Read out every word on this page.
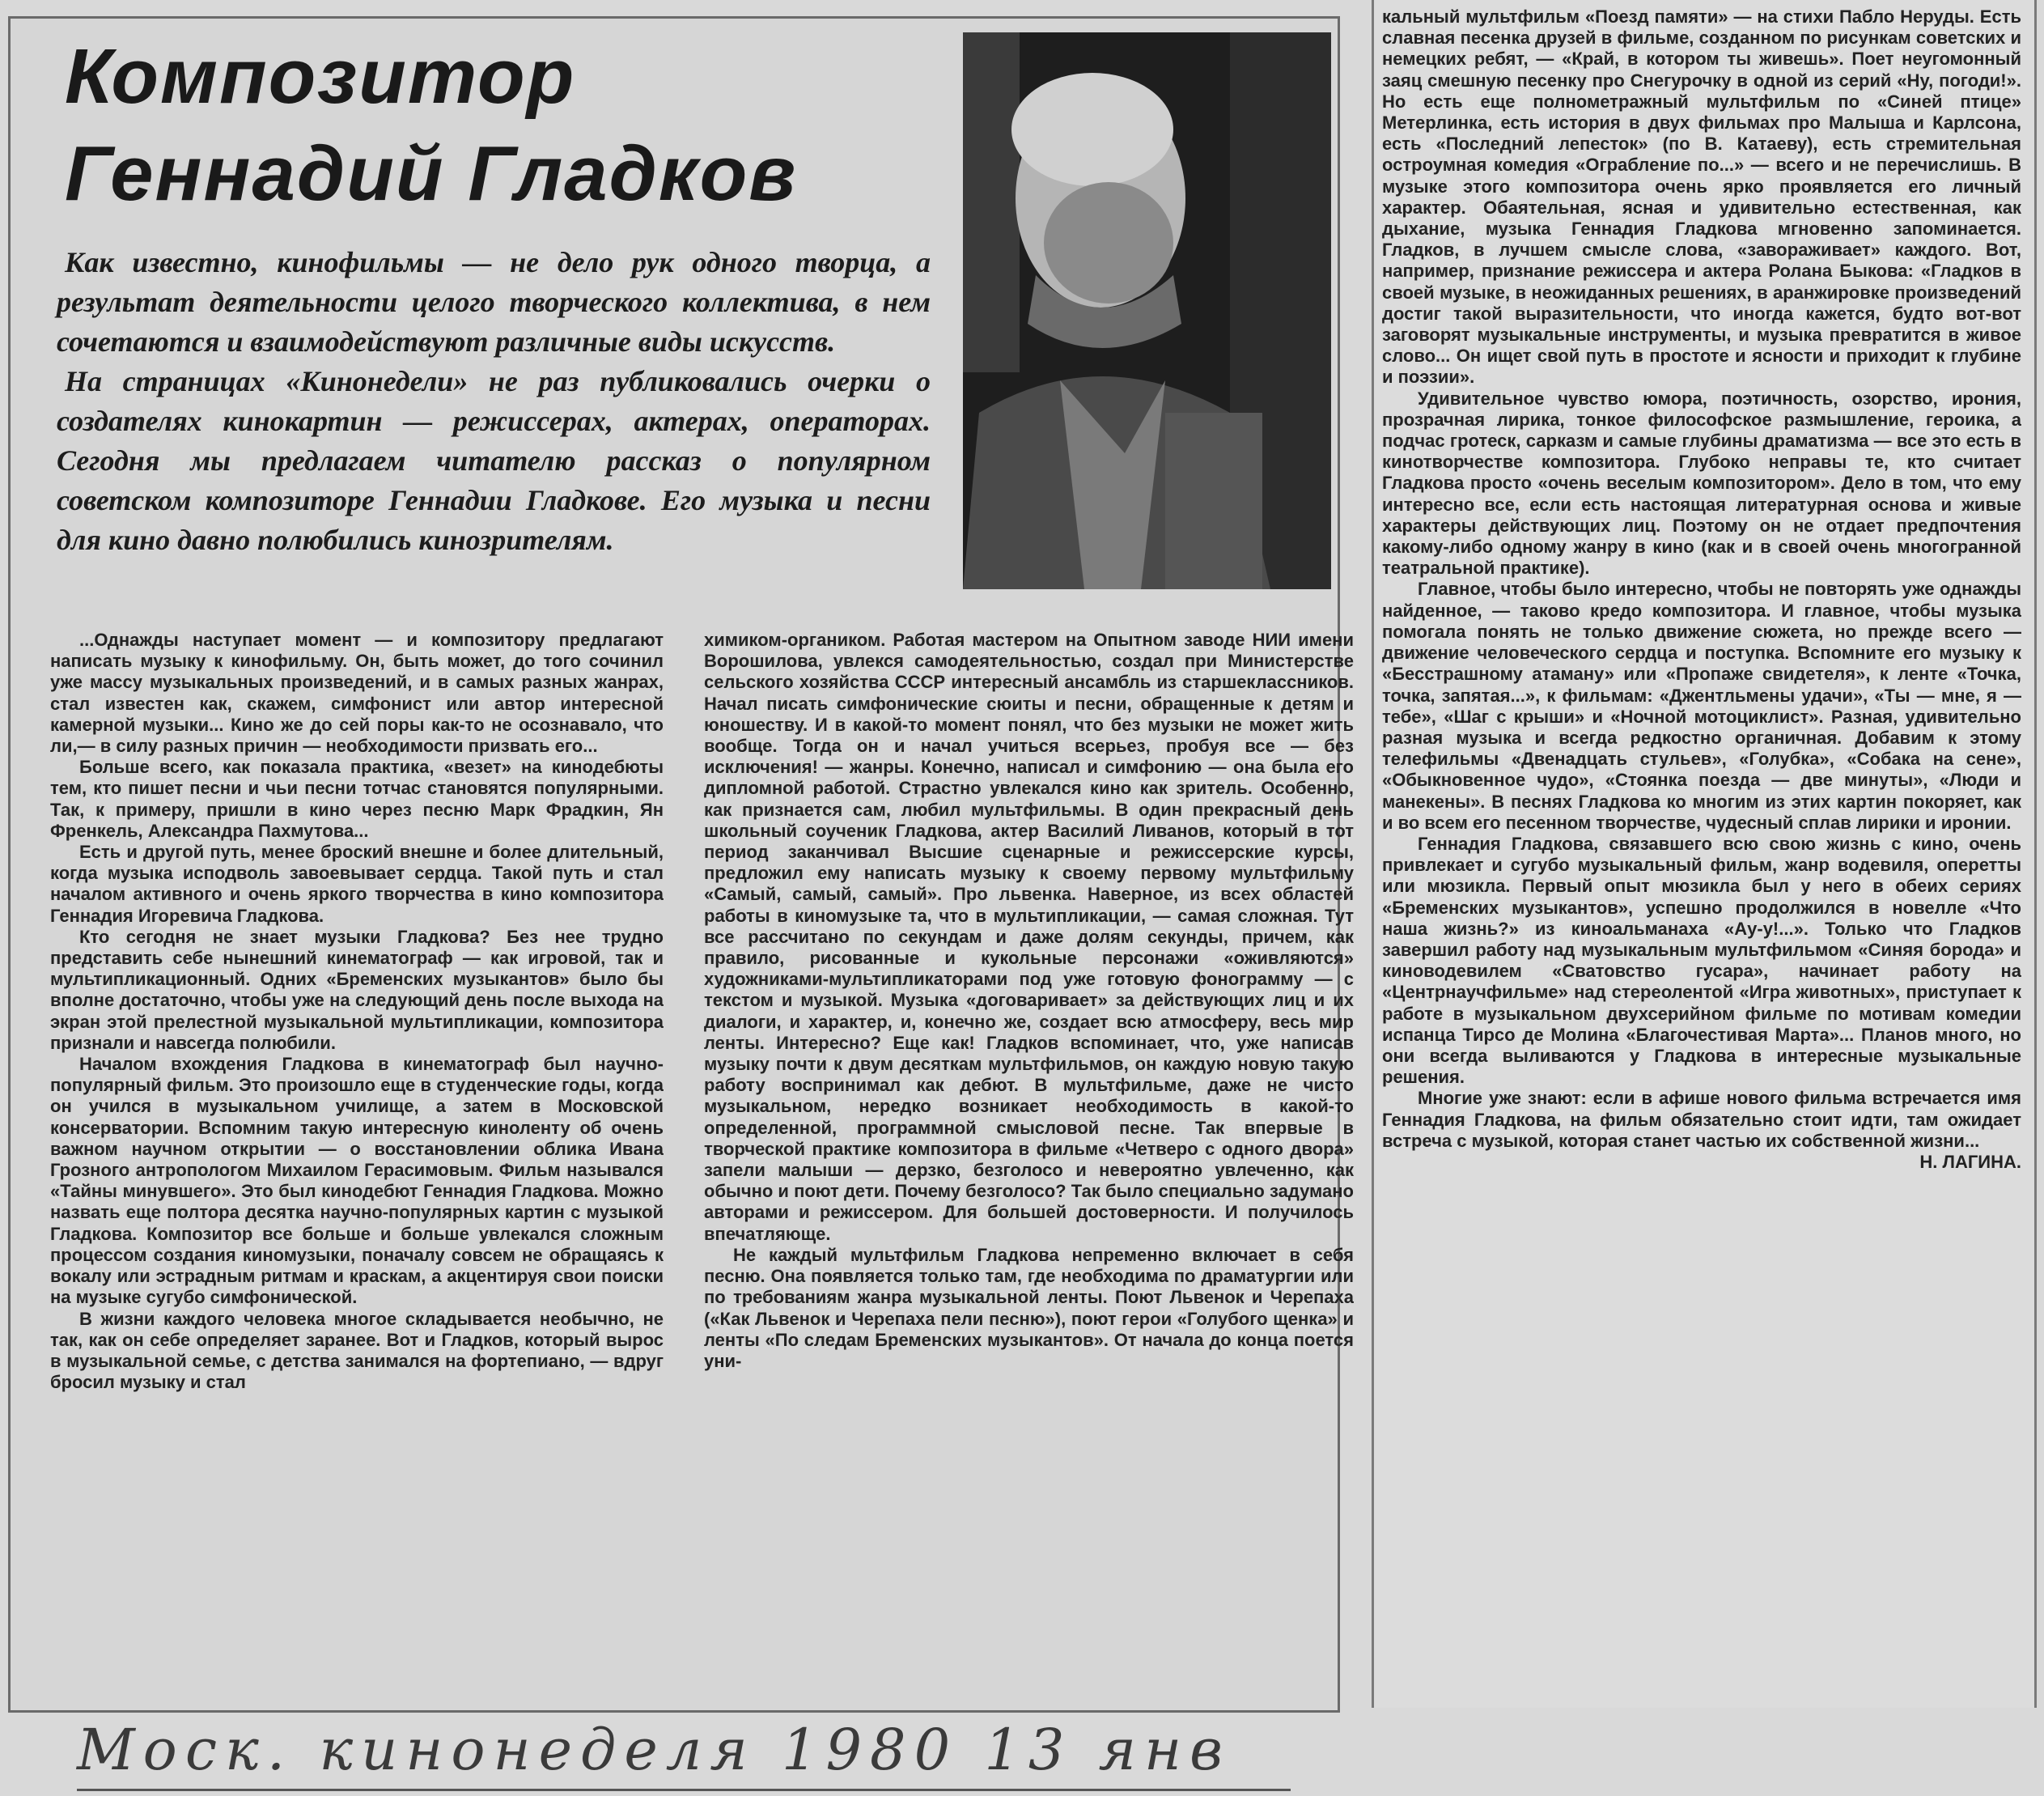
Композитор
Геннадий Гладков

Как известно, кинофильмы — не дело рук одного творца, а результат деятельности целого творческого коллектива, в нем сочетаются и взаимодействуют различные виды искусств.

На страницах «Кинонедели» не раз публиковались очерки о создателях кинокартин — режиссерах, актерах, операторах. Сегодня мы предлагаем читателю рассказ о популярном советском композиторе Геннадии Гладкове. Его музыка и песни для кино давно полюбились кинозрителям.

...Однажды наступает момент — и композитору предлагают написать музыку к кинофильму. Он, быть может, до того сочинил уже массу музыкальных произведений, и в самых разных жанрах, стал известен как, скажем, симфонист или автор интересной камерной музыки... Кино же до сей поры как-то не осознавало, что ли,— в силу разных причин — необходимости призвать его...

Больше всего, как показала практика, «везет» на кинодебюты тем, кто пишет песни и чьи песни тотчас становятся популярными. Так, к примеру, пришли в кино через песню Марк Фрадкин, Ян Френкель, Александра Пахмутова...

Есть и другой путь, менее броский внешне и более длительный, когда музыка исподволь завоевывает сердца. Такой путь и стал началом активного и очень яркого творчества в кино композитора Геннадия Игоревича Гладкова.

Кто сегодня не знает музыки Гладкова? Без нее трудно представить себе нынешний кинематограф — как игровой, так и мультипликационный. Одних «Бременских музыкантов» было бы вполне достаточно, чтобы уже на следующий день после выхода на экран этой прелестной музыкальной мультипликации, композитора признали и навсегда полюбили.

Началом вхождения Гладкова в кинематограф был научно-популярный фильм. Это произошло еще в студенческие годы, когда он учился в музыкальном училище, а затем в Московской консерватории. Вспомним такую интересную киноленту об очень важном научном открытии — о восстановлении облика Ивана Грозного антропологом Михаилом Герасимовым. Фильм назывался «Тайны минувшего». Это был кинодебют Геннадия Гладкова. Можно назвать еще полтора десятка научно-популярных картин с музыкой Гладкова. Композитор все больше и больше увлекался сложным процессом создания киномузыки, поначалу совсем не обращаясь к вокалу или эстрадным ритмам и краскам, а акцентируя свои поиски на музыке сугубо симфонической.

В жизни каждого человека многое складывается необычно, не так, как он себе определяет заранее. Вот и Гладков, который вырос в музыкальной семье, с детства занимался на фортепиано, — вдруг бросил музыку и стал

химиком-органиком. Работая мастером на Опытном заводе НИИ имени Ворошилова, увлекся самодеятельностью, создал при Министерстве сельского хозяйства СССР интересный ансамбль из старшеклассников. Начал писать симфонические сюиты и песни, обращенные к детям и юношеству. И в какой-то момент понял, что без музыки не может жить вообще. Тогда он и начал учиться всерьез, пробуя все — без исключения! — жанры. Конечно, написал и симфонию — она была его дипломной работой. Страстно увлекался кино как зритель. Особенно, как признается сам, любил мультфильмы. В один прекрасный день школьный соученик Гладкова, актер Василий Ливанов, который в тот период заканчивал Высшие сценарные и режиссерские курсы, предложил ему написать музыку к своему первому мультфильму «Самый, самый, самый». Про львенка. Наверное, из всех областей работы в киномузыке та, что в мультипликации, — самая сложная. Тут все рассчитано по секундам и даже долям секунды, причем, как правило, рисованные и кукольные персонажи «оживляются» художниками-мультипликаторами под уже готовую фонограмму — с текстом и музыкой. Музыка «договаривает» за действующих лиц и их диалоги, и характер, и, конечно же, создает всю атмосферу, весь мир ленты. Интересно? Еще как! Гладков вспоминает, что, уже написав музыку почти к двум десяткам мультфильмов, он каждую новую такую работу воспринимал как дебют. В мультфильме, даже не чисто музыкальном, нередко возникает необходимость в какой-то определенной, программной смысловой песне. Так впервые в творческой практике композитора в фильме «Четверо с одного двора» запели малыши — дерзко, безголосо и невероятно увлеченно, как обычно и поют дети. Почему безголосо? Так было специально задумано авторами и режиссером. Для большей достоверности. И получилось впечатляюще.

Не каждый мультфильм Гладкова непременно включает в себя песню. Она появляется только там, где необходима по драматургии или по требованиям жанра музыкальной ленты. Поют Львенок и Черепаха («Как Львенок и Черепаха пели песню»), поют герои «Голубого щенка» и ленты «По следам Бременских музыкантов». От начала до конца поется уни-

кальный мультфильм «Поезд памяти» — на стихи Пабло Неруды. Есть славная песенка друзей в фильме, созданном по рисункам советских и немецких ребят, — «Край, в котором ты живешь». Поет неугомонный заяц смешную песенку про Снегурочку в одной из серий «Ну, погоди!». Но есть еще полнометражный мультфильм по «Синей птице» Метерлинка, есть история в двух фильмах про Малыша и Карлсона, есть «Последний лепесток» (по В. Катаеву), есть стремительная остроумная комедия «Ограбление по...» — всего и не перечислишь. В музыке этого композитора очень ярко проявляется его личный характер. Обаятельная, ясная и удивительно естественная, как дыхание, музыка Геннадия Гладкова мгновенно запоминается. Гладков, в лучшем смысле слова, «завораживает» каждого. Вот, например, признание режиссера и актера Ролана Быкова: «Гладков в своей музыке, в неожиданных решениях, в аранжировке произведений достиг такой выразительности, что иногда кажется, будто вот-вот заговорят музыкальные инструменты, и музыка превратится в живое слово... Он ищет свой путь в простоте и ясности и приходит к глубине и поэзии».

Удивительное чувство юмора, поэтичность, озорство, ирония, прозрачная лирика, тонкое философское размышление, героика, а подчас гротеск, сарказм и самые глубины драматизма — все это есть в кинотворчестве композитора. Глубоко неправы те, кто считает Гладкова просто «очень веселым композитором». Дело в том, что ему интересно все, если есть настоящая литературная основа и живые характеры действующих лиц. Поэтому он не отдает предпочтения какому-либо одному жанру в кино (как и в своей очень многогранной театральной практике).

Главное, чтобы было интересно, чтобы не повторять уже однажды найденное, — таково кредо композитора. И главное, чтобы музыка помогала понять не только движение сюжета, но прежде всего — движение человеческого сердца и поступка. Вспомните его музыку к «Бесстрашному атаману» или «Пропаже свидетеля», к ленте «Точка, точка, запятая...», к фильмам: «Джентльмены удачи», «Ты — мне, я — тебе», «Шаг с крыши» и «Ночной мотоциклист». Разная, удивительно разная музыка и всегда редкостно органичная. Добавим к этому телефильмы «Двенадцать стульев», «Голубка», «Собака на сене», «Обыкновенное чудо», «Стоянка поезда — две минуты», «Люди и манекены». В песнях Гладкова ко многим из этих картин покоряет, как и во всем его песенном творчестве, чудесный сплав лирики и иронии.

Геннадия Гладкова, связавшего всю свою жизнь с кино, очень привлекает и сугубо музыкальный фильм, жанр водевиля, оперетты или мюзикла. Первый опыт мюзикла был у него в обеих сериях «Бременских музыкантов», успешно продолжился в новелле «Что наша жизнь?» из киноальманаха «Ау-у!...». Только что Гладков завершил работу над музыкальным мультфильмом «Синяя борода» и киноводевилем «Сватовство гусара», начинает работу на «Центрнаучфильме» над стереолентой «Игра животных», приступает к работе в музыкальном двухсерийном фильме по мотивам комедии испанца Тирсо де Молина «Благочестивая Марта»... Планов много, но они всегда выливаются у Гладкова в интересные музыкальные решения.

Многие уже знают: если в афише нового фильма встречается имя Геннадия Гладкова, на фильм обязательно стоит идти, там ожидает встреча с музыкой, которая станет частью их собственной жизни...

Н. ЛАГИНА.

Моск. кинонеделя 1980 13 янв
